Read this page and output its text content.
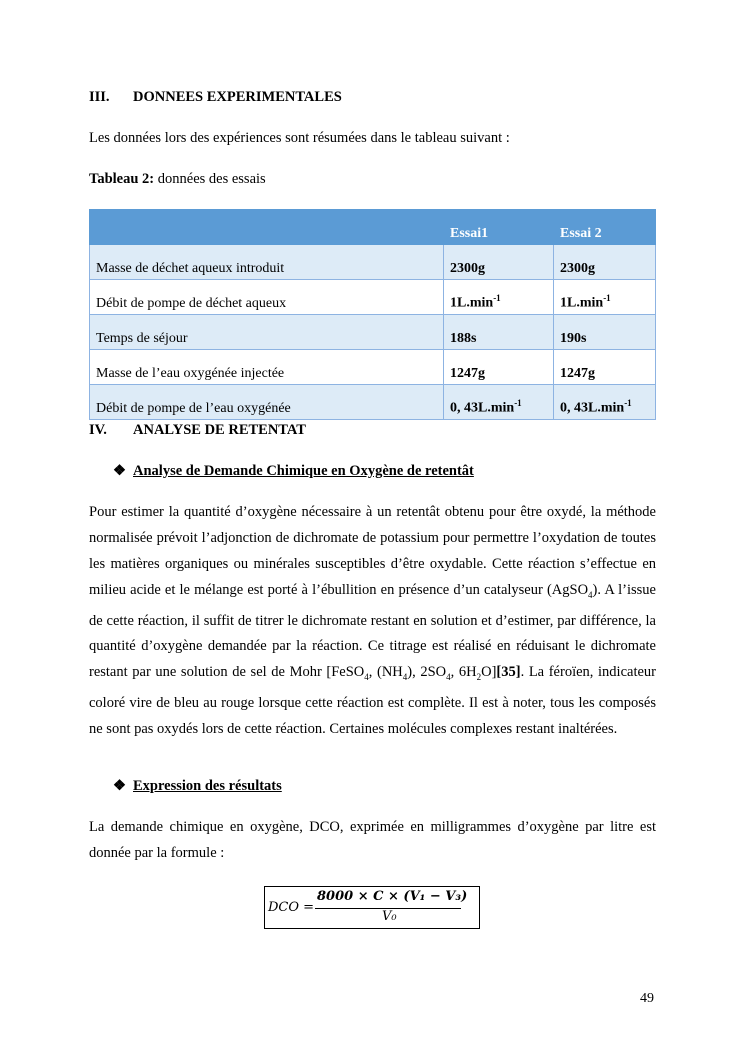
III. DONNEES EXPERIMENTALES
Les données lors des expériences sont résumées dans le tableau suivant :
Tableau 2: données des essais
	Essai1	Essai 2
Masse de déchet aqueux introduit	2300g	2300g
Débit de pompe de déchet aqueux	$1L.\min^{-1}$	$1L.\min^{-1}$
Temps de séjour	188s	190s
Masse de l’eau oxygénée injectée	1247g	1247g
Débit de pompe de l’eau oxygénée	0, $43L.\min^{-1}$	0, $43L.\min^{-1}$
IV. ANALYSE DE RETENTAT
❖ Analyse de Demande Chimique en Oxygène de retentât
Pour estimer la quantité d’oxygène nécessaire à un retentât obtenu pour être oxydé, la méthode normalisée prévoit l’adjonction de dichromate de potassium pour permettre l’oxydation de toutes les matières organiques ou minérales susceptibles d’être oxydable. Cette réaction s’effectue en milieu acide et le mélange est porté à l’ébullition en présence d’un catalyseur (AgSO$_4$). A l’issue de cette réaction, il suffit de titrer le dichromate restant en solution et d’estimer, par différence, la quantité d’oxygène demandée par la réaction. Ce titrage est réalisé en réduisant le dichromate restant par une solution de sel de Mohr [FeSO$_4$, $(NH_4)$, $2SO_4$, $6H_2O][35]$. La féroïen, indicateur coloré vire de bleu au rouge lorsque cette réaction est complète. Il est à noter, tous les composés ne sont pas oxydés lors de cette réaction. Certaines molécules complexes restant inaltérées.
❖ Expression des résultats
La demande chimique en oxygène, DCO, exprimée en milligrammes d’oxygène par litre est donnée par la formule :
DCO =
8000 × C × (V₁ − V₃)
V₀
49
